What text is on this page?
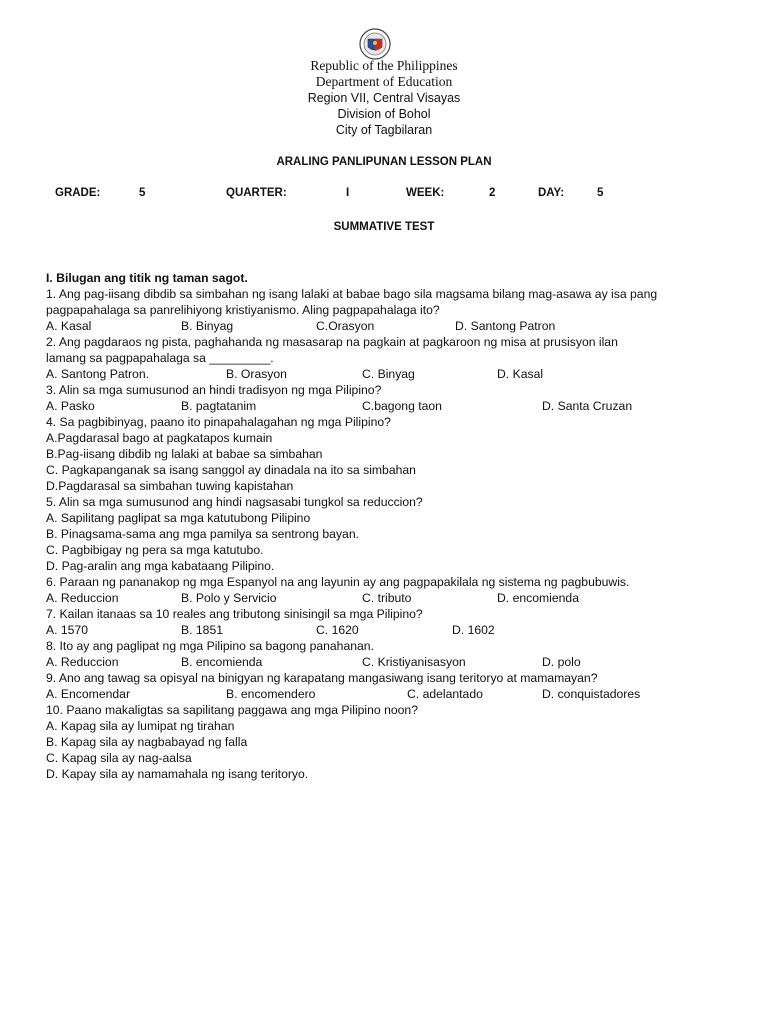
Republic of the Philippines
Department of Education
Region VII, Central Visayas
Division of Bohol
City of Tagbilaran
ARALING PANLIPUNAN LESSON PLAN
GRADE:	5	QUARTER:	I	WEEK:	2	DAY:	5
SUMMATIVE TEST
I. Bilugan ang titik ng taman sagot.
1. Ang pag-iisang dibdib sa simbahan ng isang lalaki at babae bago sila magsama bilang mag-asawa ay isa pang
pagpapahalaga sa panrelihiyong kristiyanismo. Aling pagpapahalaga ito?
A. Kasal	B. Binyag	C.Orasyon	D. Santong Patron
2. Ang pagdaraos ng pista, paghahanda ng masasarap na pagkain at pagkaroon ng misa at prusisyon ilan
lamang sa pagpapahalaga sa _________.
A. Santong Patron.	B. Orasyon	C. Binyag	D. Kasal
3. Alin sa mga sumusunod an hindi tradisyon ng mga Pilipino?
A. Pasko	B. pagtatanim	C.bagong taon	D. Santa Cruzan
4. Sa pagbibinyag, paano ito pinapahalagahan ng mga Pilipino?
A.Pagdarasal bago at pagkatapos kumain
B.Pag-iisang dibdib ng lalaki at babae sa simbahan
C. Pagkapanganak sa isang sanggol ay dinadala na ito sa simbahan
D.Pagdarasal sa simbahan tuwing kapistahan
5. Alin sa mga sumusunod ang hindi nagsasabi tungkol sa reduccion?
A. Sapilitang paglipat sa mga katutubong Pilipino
B. Pinagsama-sama ang mga pamilya sa sentrong bayan.
C. Pagbibigay ng pera sa mga katutubo.
D. Pag-aralin ang mga kabataang Pilipino.
6. Paraan ng pananakop ng mga Espanyol na ang layunin ay ang pagpapakilala ng sistema ng pagbubuwis.
A. Reduccion	B. Polo y Servicio	C. tributo	D. encomienda
7. Kailan itanaas sa 10 reales ang tributong sinisingil sa mga Pilipino?
A. 1570	B. 1851	C. 1620	D. 1602
8. Ito ay ang paglipat ng mga Pilipino sa bagong panahanan.
A. Reduccion	B. encomienda	C. Kristiyanisasyon	D. polo
9. Ano ang tawag sa opisyal na binigyan ng karapatang mangasiwang isang teritoryo at mamamayan?
A. Encomendar	B. encomendero	C. adelantado	D. conquistadores
10. Paano makaligtas sa sapilitang paggawa ang mga Pilipino noon?
A. Kapag sila ay lumipat ng tirahan
B. Kapag sila ay nagbabayad ng falla
C. Kapag sila ay nag-aalsa
D. Kapay sila ay namamahala ng isang teritoryo.
